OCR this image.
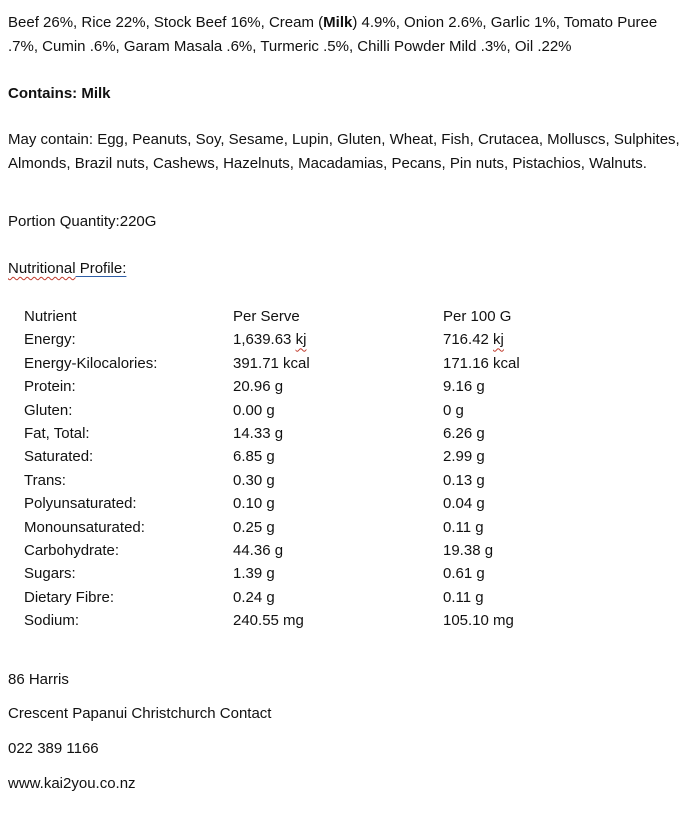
Beef 26%, Rice 22%, Stock Beef 16%, Cream (Milk) 4.9%, Onion 2.6%, Garlic 1%, Tomato Puree .7%, Cumin .6%, Garam Masala .6%, Turmeric .5%, Chilli Powder Mild .3%, Oil .22%

Contains: Milk

May contain: Egg, Peanuts, Soy, Sesame, Lupin, Gluten, Wheat, Fish, Crutacea, Molluscs, Sulphites, Almonds, Brazil nuts, Cashews, Hazelnuts, Macadamias, Pecans, Pin nuts, Pistachios, Walnuts.

Portion Quantity:220G

Nutritional Profile:

Nutrient	Per Serve	Per 100 G
Energy:	1,639.63 kj	716.42 kj
Energy-Kilocalories:	391.71 kcal	171.16 kcal
Protein:	20.96 g	9.16 g
Gluten:	0.00 g	0 g
Fat, Total:	14.33 g	6.26 g
Saturated:	6.85 g	2.99 g
Trans:	0.30 g	0.13 g
Polyunsaturated:	0.10 g	0.04 g
Monounsaturated:	0.25 g	0.11 g
Carbohydrate:	44.36 g	19.38 g
Sugars:	1.39 g	0.61 g
Dietary Fibre:	0.24 g	0.11 g
Sodium:	240.55 mg	105.10 mg

86 Harris

Crescent Papanui Christchurch Contact

022 389 1166

www.kai2you.co.nz
